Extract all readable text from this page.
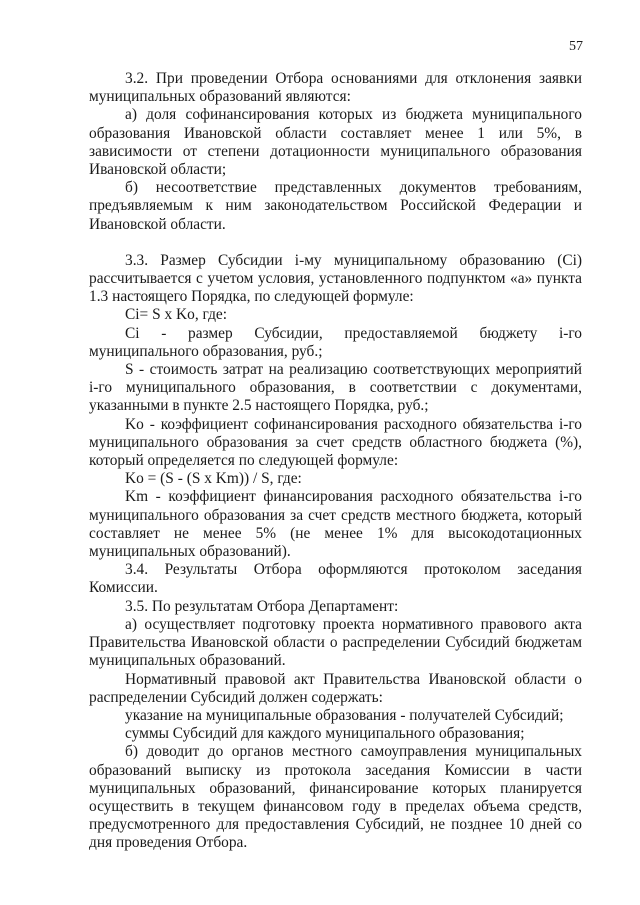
57

3.2. При проведении Отбора основаниями для отклонения заявки муниципальных образований являются:

а) доля софинансирования которых из бюджета муниципального образования Ивановской области составляет менее 1 или 5%, в зависимости от степени дотационности муниципального образования Ивановской области;

б) несоответствие представленных документов требованиям, предъявляемым к ним законодательством Российской Федерации и Ивановской области.

3.3. Размер Субсидии i-му муниципальному образованию (Ci) рассчитывается с учетом условия, установленного подпунктом «а» пункта 1.3 настоящего Порядка, по следующей формуле:

Ci= S x Ko, где:

Ci - размер Субсидии, предоставляемой бюджету i-го муниципального образования, руб.;

S - стоимость затрат на реализацию соответствующих мероприятий i-го муниципального образования, в соответствии с документами, указанными в пункте 2.5 настоящего Порядка, руб.;

Ko - коэффициент софинансирования расходного обязательства i-го муниципального образования за счет средств областного бюджета (%), который определяется по следующей формуле:

Ko = (S - (S x Km)) / S, где:

Km - коэффициент финансирования расходного обязательства i-го муниципального образования за счет средств местного бюджета, который составляет не менее 5% (не менее 1% для высокодотационных муниципальных образований).

3.4. Результаты Отбора оформляются протоколом заседания Комиссии.

3.5. По результатам Отбора Департамент:

а) осуществляет подготовку проекта нормативного правового акта Правительства Ивановской области о распределении Субсидий бюджетам муниципальных образований.

Нормативный правовой акт Правительства Ивановской области о распределении Субсидий должен содержать:

указание на муниципальные образования - получателей Субсидий;

суммы Субсидий для каждого муниципального образования;

б) доводит до органов местного самоуправления муниципальных образований выписку из протокола заседания Комиссии в части муниципальных образований, финансирование которых планируется осуществить в текущем финансовом году в пределах объема средств, предусмотренного для предоставления Субсидий, не позднее 10 дней со дня проведения Отбора.
